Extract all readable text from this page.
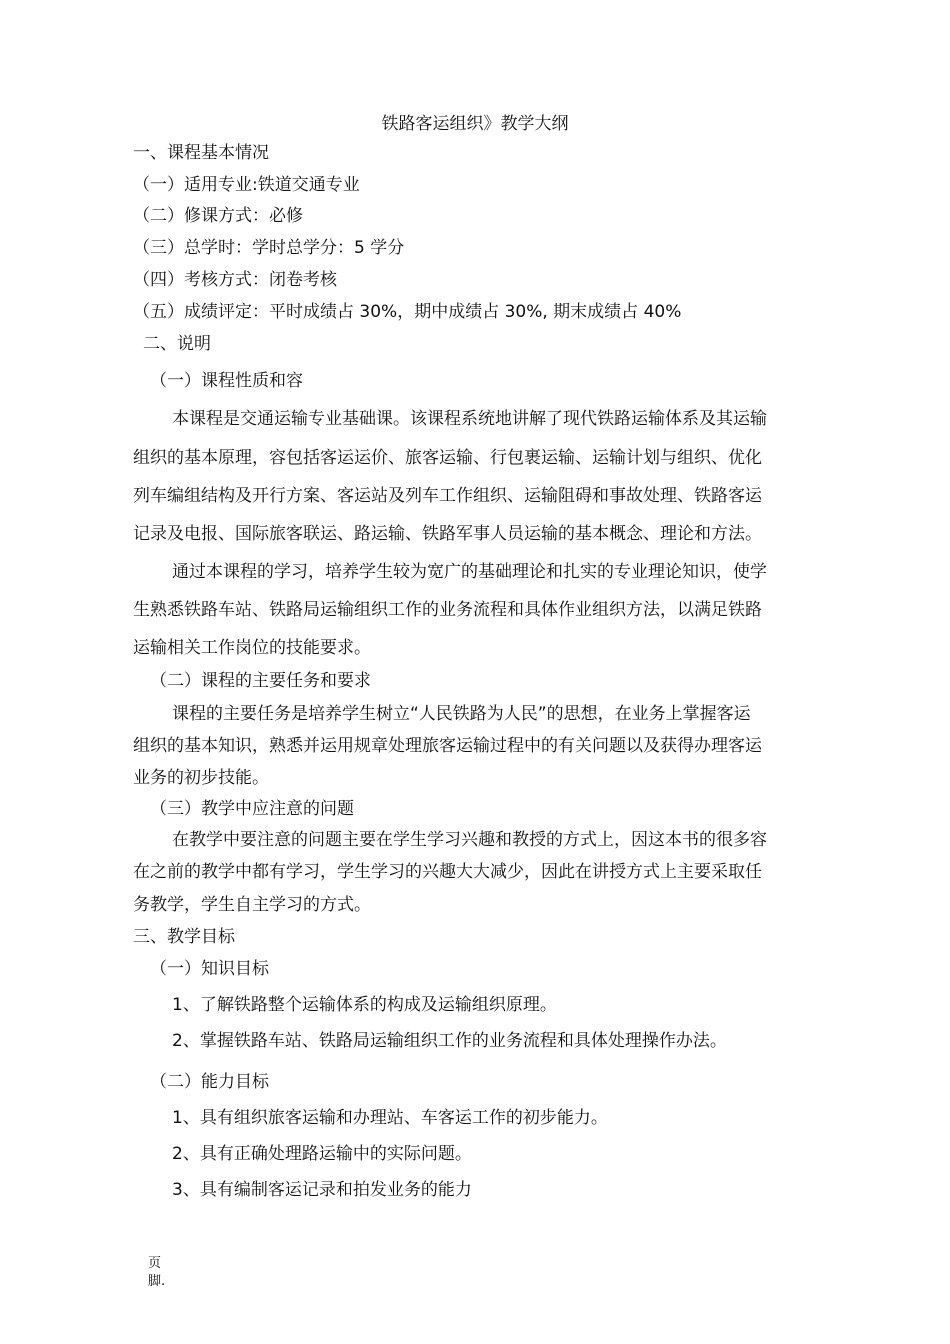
铁路客运组织》教学大纲
一、课程基本情况
（一）适用专业:铁道交通专业
（二）修课方式：必修
（三）总学时：学时总学分：5 学分
（四）考核方式：闭卷考核
（五）成绩评定：平时成绩占 30%，期中成绩占 30%, 期末成绩占 40%
二、说明
（一）课程性质和容
本课程是交通运输专业基础课。该课程系统地讲解了现代铁路运输体系及其运输
组织的基本原理，容包括客运运价、旅客运输、行包裹运输、运输计划与组织、优化
列车编组结构及开行方案、客运站及列车工作组织、运输阻碍和事故处理、铁路客运
记录及电报、国际旅客联运、路运输、铁路军事人员运输的基本概念、理论和方法。
通过本课程的学习，培养学生较为宽广的基础理论和扎实的专业理论知识，使学
生熟悉铁路车站、铁路局运输组织工作的业务流程和具体作业组织方法，以满足铁路
运输相关工作岗位的技能要求。
（二）课程的主要任务和要求
课程的主要任务是培养学生树立“人民铁路为人民”的思想，在业务上掌握客运
组织的基本知识，熟悉并运用规章处理旅客运输过程中的有关问题以及获得办理客运
业务的初步技能。
（三）教学中应注意的问题
在教学中要注意的问题主要在学生学习兴趣和教授的方式上，因这本书的很多容
在之前的教学中都有学习，学生学习的兴趣大大减少，因此在讲授方式上主要采取任
务教学，学生自主学习的方式。
三、教学目标
（一）知识目标
1、了解铁路整个运输体系的构成及运输组织原理。
2、掌握铁路车站、铁路局运输组织工作的业务流程和具体处理操作办法。
（二）能力目标
1、具有组织旅客运输和办理站、车客运工作的初步能力。
2、具有正确处理路运输中的实际问题。
3、具有编制客运记录和拍发业务的能力
页
脚.
